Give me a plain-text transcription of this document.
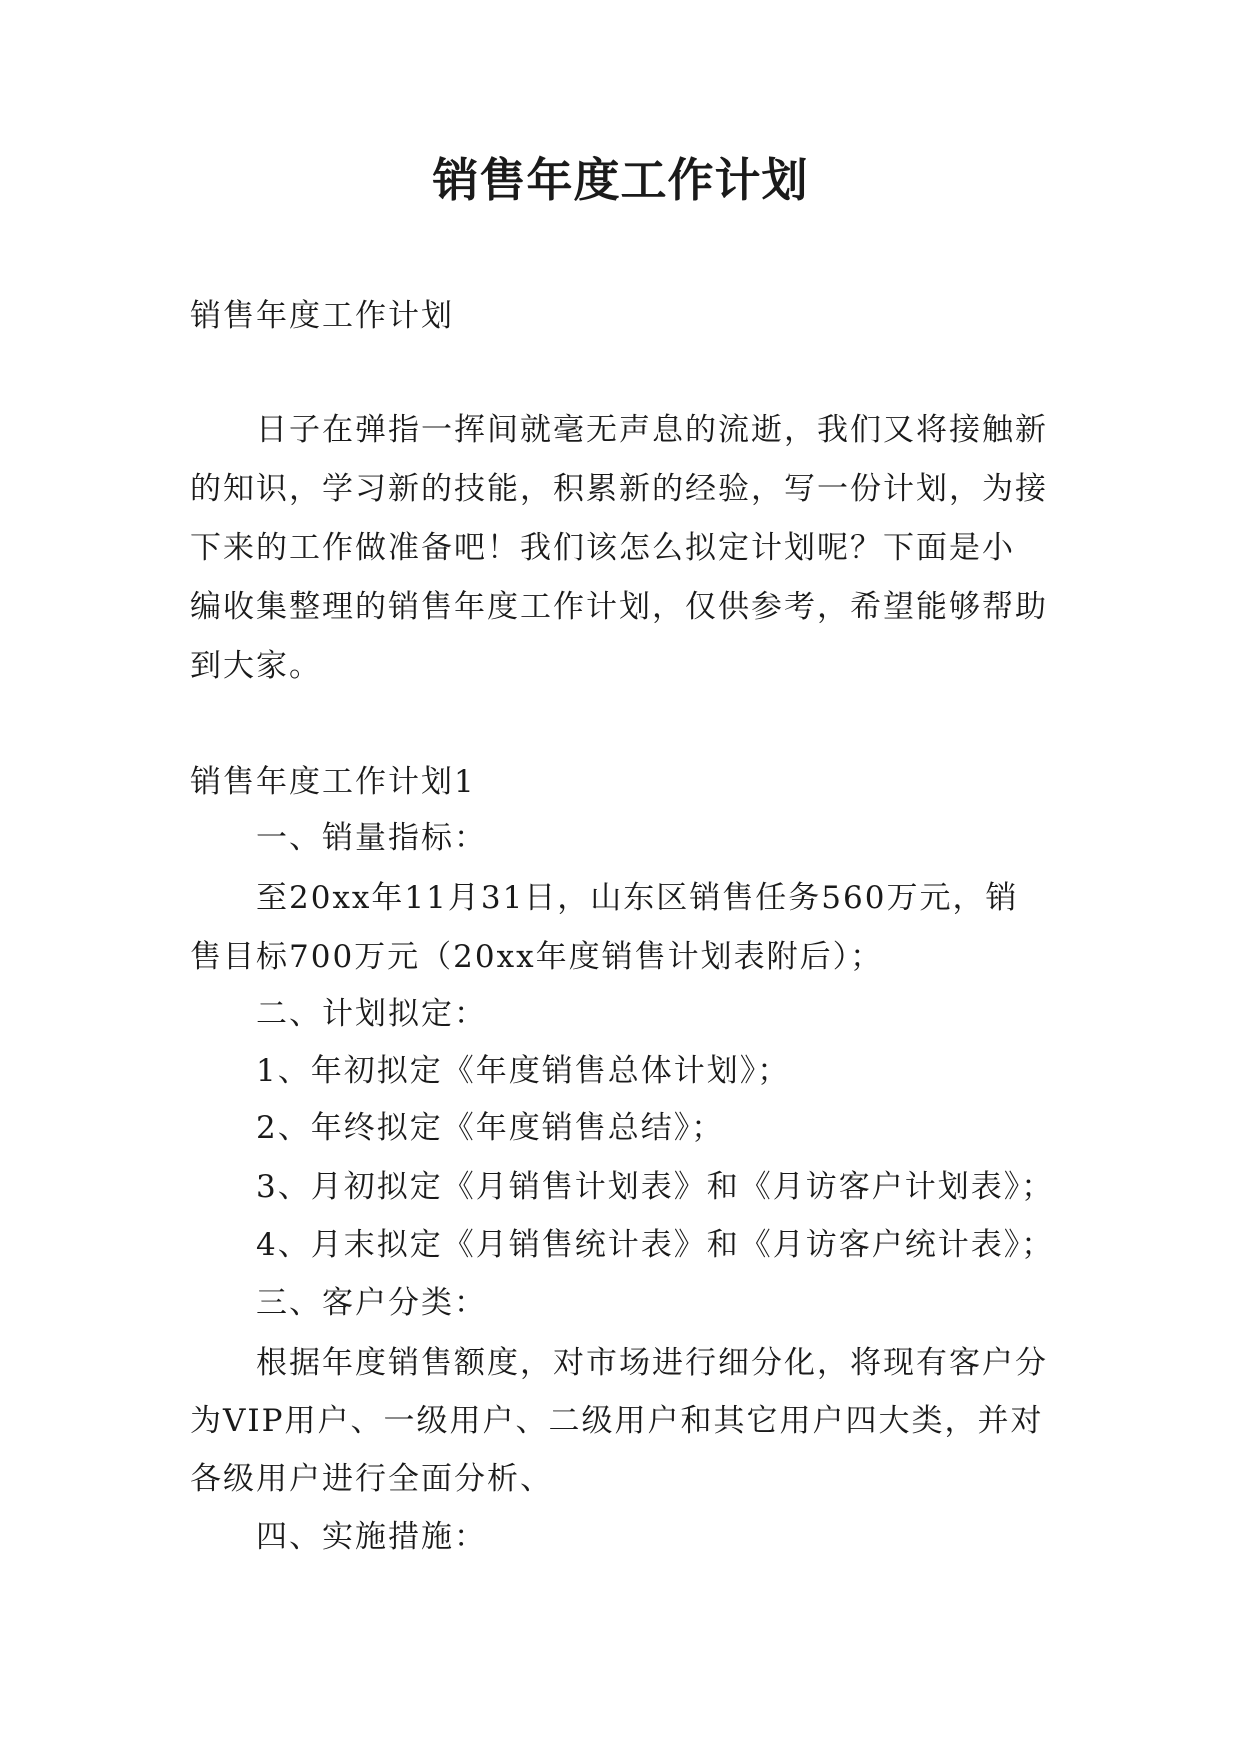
销售年度工作计划
销售年度工作计划
日子在弹指一挥间就毫无声息的流逝，我们又将接触新
的知识，学习新的技能，积累新的经验，写一份计划，为接
下来的工作做准备吧！我们该怎么拟定计划呢？下面是小
编收集整理的销售年度工作计划，仅供参考，希望能够帮助
到大家。
销售年度工作计划1
一、销量指标：
至20xx年11月31日，山东区销售任务560万元，销
售目标700万元（20xx年度销售计划表附后）；
二、计划拟定：
1、年初拟定《年度销售总体计划》；
2、年终拟定《年度销售总结》；
3、月初拟定《月销售计划表》和《月访客户计划表》；
4、月末拟定《月销售统计表》和《月访客户统计表》；
三、客户分类：
根据年度销售额度，对市场进行细分化，将现有客户分
为VIP用户、一级用户、二级用户和其它用户四大类，并对
各级用户进行全面分析、
四、实施措施：
